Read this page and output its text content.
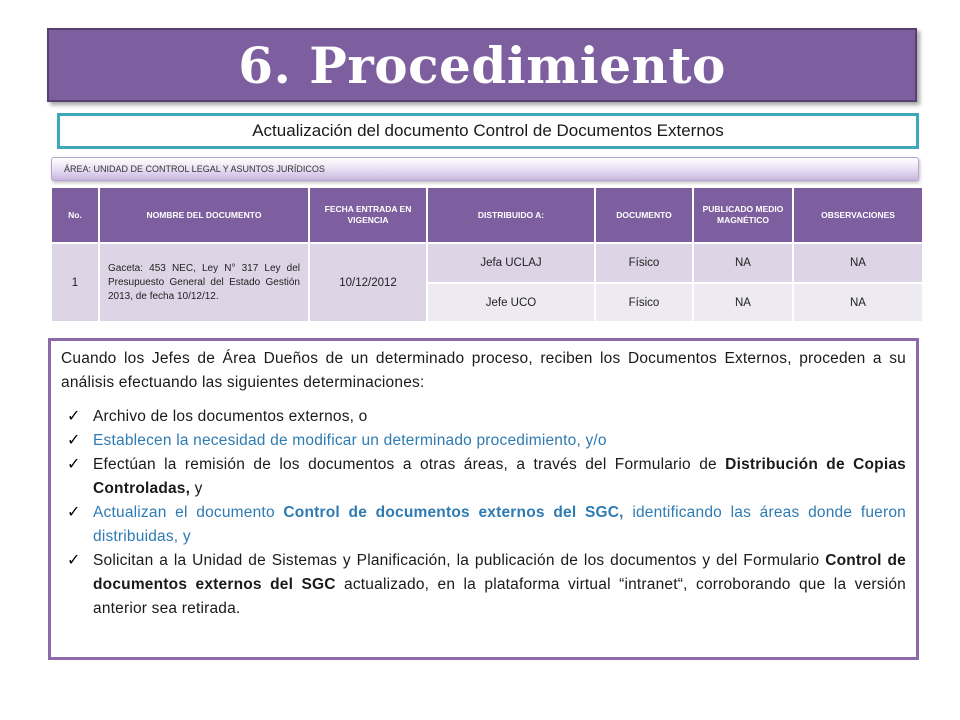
6. Procedimiento
Actualización del documento Control de Documentos Externos
ÁREA: UNIDAD DE CONTROL LEGAL Y ASUNTOS JURÍDICOS
No.	NOMBRE DEL DOCUMENTO	FECHA ENTRADA EN VIGENCIA	DISTRIBUIDO A:	DOCUMENTO	PUBLICADO MEDIO MAGNÉTICO	OBSERVACIONES
1	Gaceta: 453 NEC, Ley N° 317 Ley del Presupuesto General del Estado Gestión 2013, de fecha 10/12/12.	10/12/2012	Jefa UCLAJ	Físico	NA	NA
			Jefe UCO	Físico	NA	NA

Cuando los Jefes de Área Dueños de un determinado proceso, reciben los Documentos Externos, proceden a su análisis efectuando las siguientes determinaciones:

✓ Archivo de los documentos externos, o
✓ Establecen la necesidad de modificar un determinado procedimiento, y/o
✓ Efectúan la remisión de los documentos a otras áreas, a través del Formulario de Distribución de Copias Controladas, y
✓ Actualizan el documento Control de documentos externos del SGC, identificando las áreas donde fueron distribuidas, y
✓ Solicitan a la Unidad de Sistemas y Planificación, la publicación de los documentos y del Formulario Control de documentos externos del SGC actualizado, en la plataforma virtual “intranet“, corroborando que la versión anterior sea retirada.
